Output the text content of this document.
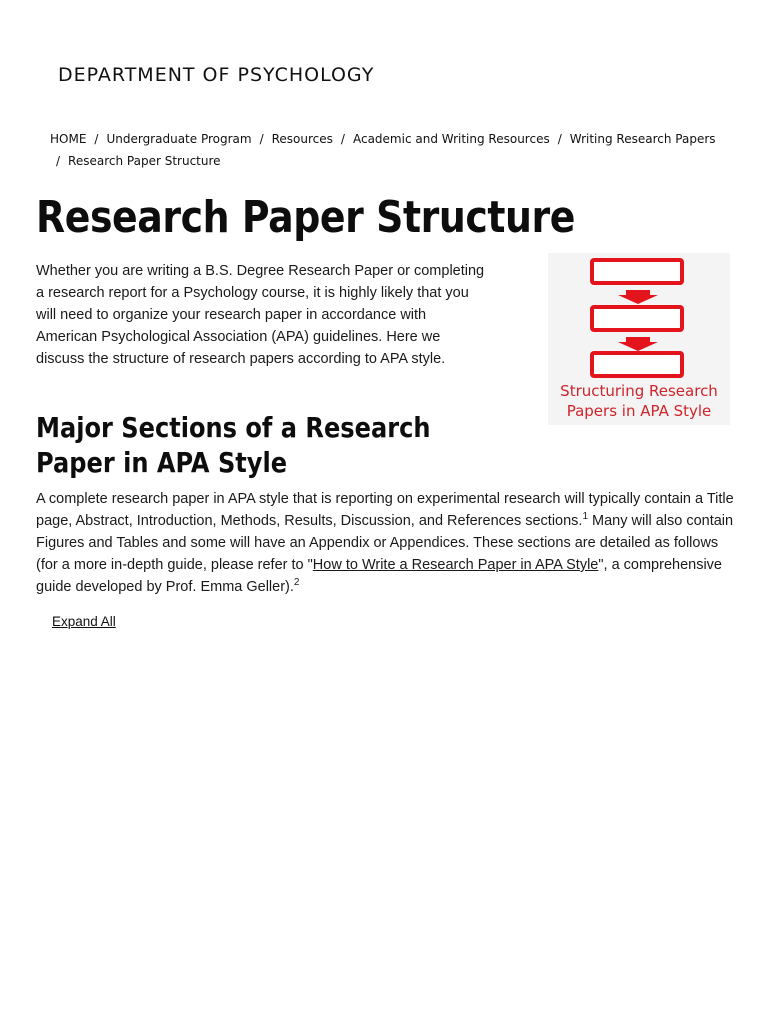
DEPARTMENT OF PSYCHOLOGY
HOME / Undergraduate Program / Resources / Academic and Writing Resources / Writing Research Papers
/ Research Paper Structure
Research Paper Structure

Whether you are writing a B.S. Degree Research Paper or completing a research report for a Psychology course, it is highly likely that you will need to organize your research paper in accordance with American Psychological Association (APA) guidelines. Here we discuss the structure of research papers according to APA style.

Structuring Research
Papers in APA Style
Major Sections of a Research Paper in APA Style

A complete research paper in APA style that is reporting on experimental research will typically contain a Title page, Abstract, Introduction, Methods, Results, Discussion, and References sections.$^1$ Many will also contain Figures and Tables and some will have an Appendix or Appendices. These sections are detailed as follows (for a more in-depth guide, please refer to "How to Write a Research Paper in APA Style", a comprehensive guide developed by Prof. Emma Geller).$^2$

Expand All
